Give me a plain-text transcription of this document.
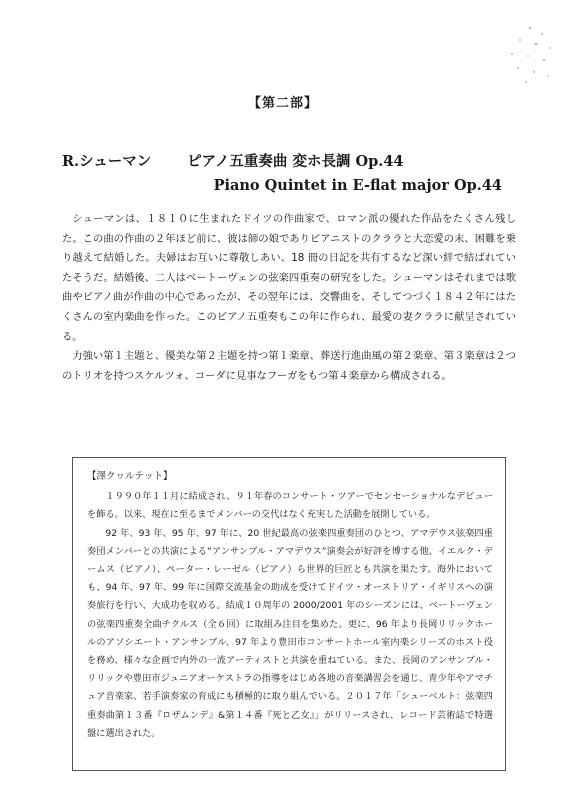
【第二部】
R.シューマン ピアノ五重奏曲 変ホ長調 Op.44
Piano Quintet in E-flat major Op.44

シューマンは、１８１０に生まれたドイツの作曲家で、ロマン派の優れた作品をたくさん残した。この曲の作曲の２年ほど前に、彼は師の娘でありピアニストのクララと大恋愛の末、困難を乗り越えて結婚した。夫婦はお互いに尊敬しあい、18 冊の日記を共有するなど深い絆で結ばれていたそうだ。結婚後、二人はベートーヴェンの弦楽四重奏の研究をした。シューマンはそれまでは歌曲やピアノ曲が作曲の中心であったが、その翌年には、交響曲を、そしてつづく１８４２年にはたくさんの室内楽曲を作った。このピアノ五重奏もこの年に作られ、最愛の妻クララに献呈されている。

力強い第１主題と、優美な第２主題を持つ第１楽章、葬送行進曲風の第２楽章、第３楽章は２つのトリオを持つスケルツォ、コーダに見事なフーガをもつ第４楽章から構成される。

【澤クヮルテット】

１９９０年１１月に結成され、９１年春のコンサート・ツアーでセンセーショナルなデビューを飾る。以来、現在に至るまでメンバーの交代はなく充実した活動を展開している。

92 年、93 年、95 年、97 年に、20 世紀最高の弦楽四重奏団のひとつ、アマデウス弦楽四重奏団メンバーとの共演による“アンサンブル・アマデウス”演奏会が好評を博する他、イエルク・デームス（ピアノ）、ペーター・レーゼル（ピアノ）ら世界的巨匠とも共演を果たす。海外においても、94 年、97 年、99 年に国際交流基金の助成を受けてドイツ・オーストリア・イギリスへの演奏旅行を行い、大成功を収める。結成１０周年の 2000/2001 年のシーズンには、ベートーヴェンの弦楽四重奏全曲チクルス（全６回）に取組み注目を集めた。更に、96 年より長岡リリックホールのアソシエート・アンサンブル、97 年より豊田市コンサートホール室内楽シリーズのホスト役を務め、様々な企画で内外の一流アーティストと共演を重ねている。また、長岡のアンサンブル・リリックや豊田市ジュニアオーケストラの指導をはじめ各地の音楽講習会を通じ、青少年やアマチュア音楽家、若手演奏家の育成にも積極的に取り組んでいる。２０１７年「シューベルト：弦楽四重奏曲第１３番『ロザムンデ』&第１４番『死と乙女』」がリリースされ、レコード芸術誌で特選盤に選出された。
